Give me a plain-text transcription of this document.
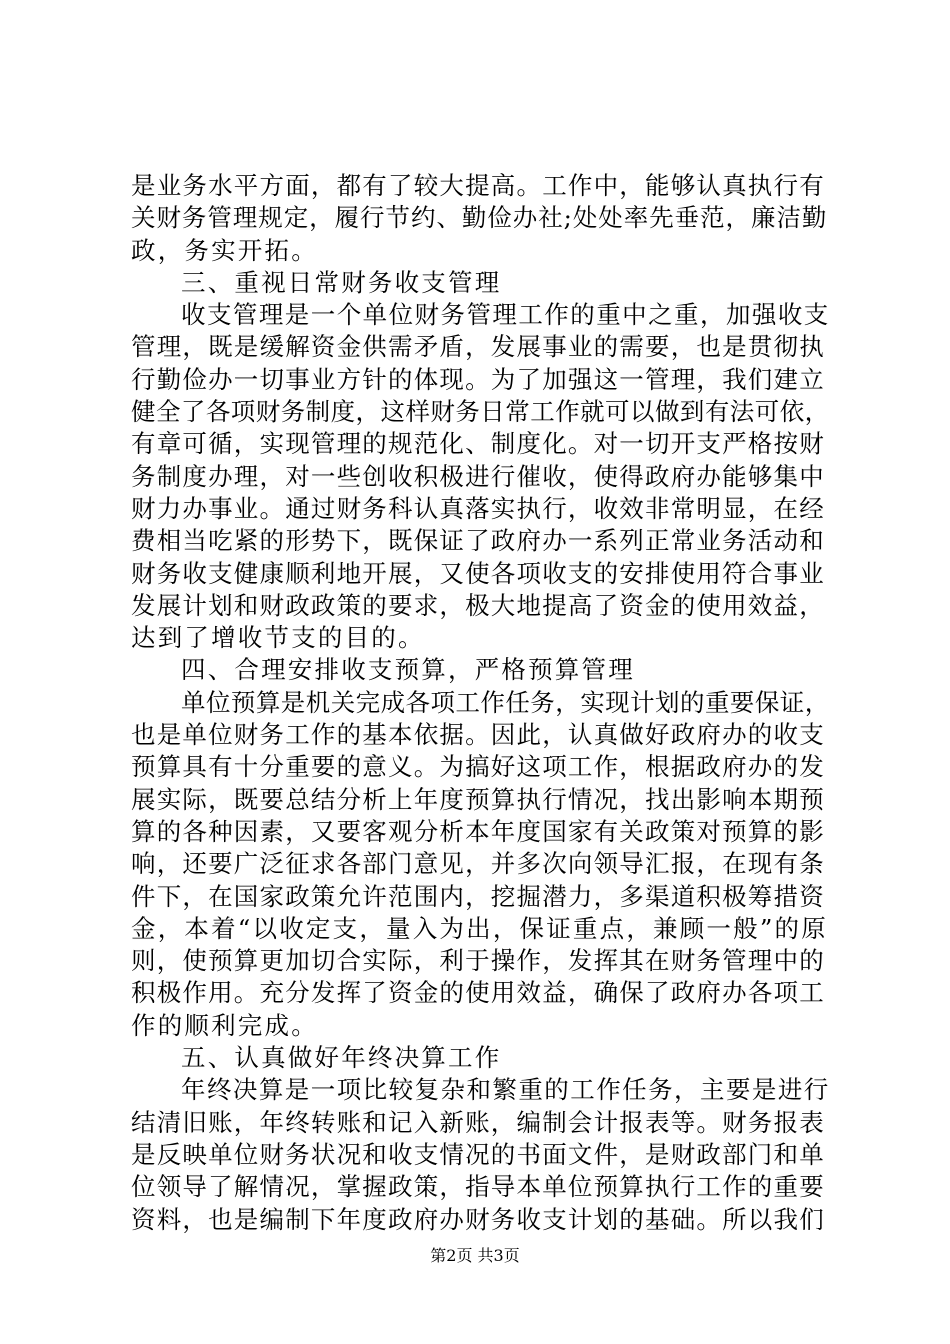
是业务水平方面，都有了较大提高。工作中，能够认真执行有
关财务管理规定，履行节约、勤俭办社;处处率先垂范，廉洁勤
政，务实开拓。
三、重视日常财务收支管理
收支管理是一个单位财务管理工作的重中之重，加强收支
管理，既是缓解资金供需矛盾，发展事业的需要，也是贯彻执
行勤俭办一切事业方针的体现。为了加强这一管理，我们建立
健全了各项财务制度，这样财务日常工作就可以做到有法可依，
有章可循，实现管理的规范化、制度化。对一切开支严格按财
务制度办理，对一些创收积极进行催收，使得政府办能够集中
财力办事业。通过财务科认真落实执行，收效非常明显，在经
费相当吃紧的形势下，既保证了政府办一系列正常业务活动和
财务收支健康顺利地开展，又使各项收支的安排使用符合事业
发展计划和财政政策的要求，极大地提高了资金的使用效益，
达到了增收节支的目的。
四、合理安排收支预算，严格预算管理
单位预算是机关完成各项工作任务，实现计划的重要保证，
也是单位财务工作的基本依据。因此，认真做好政府办的收支
预算具有十分重要的意义。为搞好这项工作，根据政府办的发
展实际，既要总结分析上年度预算执行情况，找出影响本期预
算的各种因素，又要客观分析本年度国家有关政策对预算的影
响，还要广泛征求各部门意见，并多次向领导汇报，在现有条
件下，在国家政策允许范围内，挖掘潜力，多渠道积极筹措资
金，本着“以收定支，量入为出，保证重点，兼顾一般”的原
则，使预算更加切合实际，利于操作，发挥其在财务管理中的
积极作用。充分发挥了资金的使用效益，确保了政府办各项工
作的顺利完成。
五、认真做好年终决算工作
年终决算是一项比较复杂和繁重的工作任务，主要是进行
结清旧账，年终转账和记入新账，编制会计报表等。财务报表
是反映单位财务状况和收支情况的书面文件，是财政部门和单
位领导了解情况，掌握政策，指导本单位预算执行工作的重要
资料，也是编制下年度政府办财务收支计划的基础。所以我们
第2页 共3页
